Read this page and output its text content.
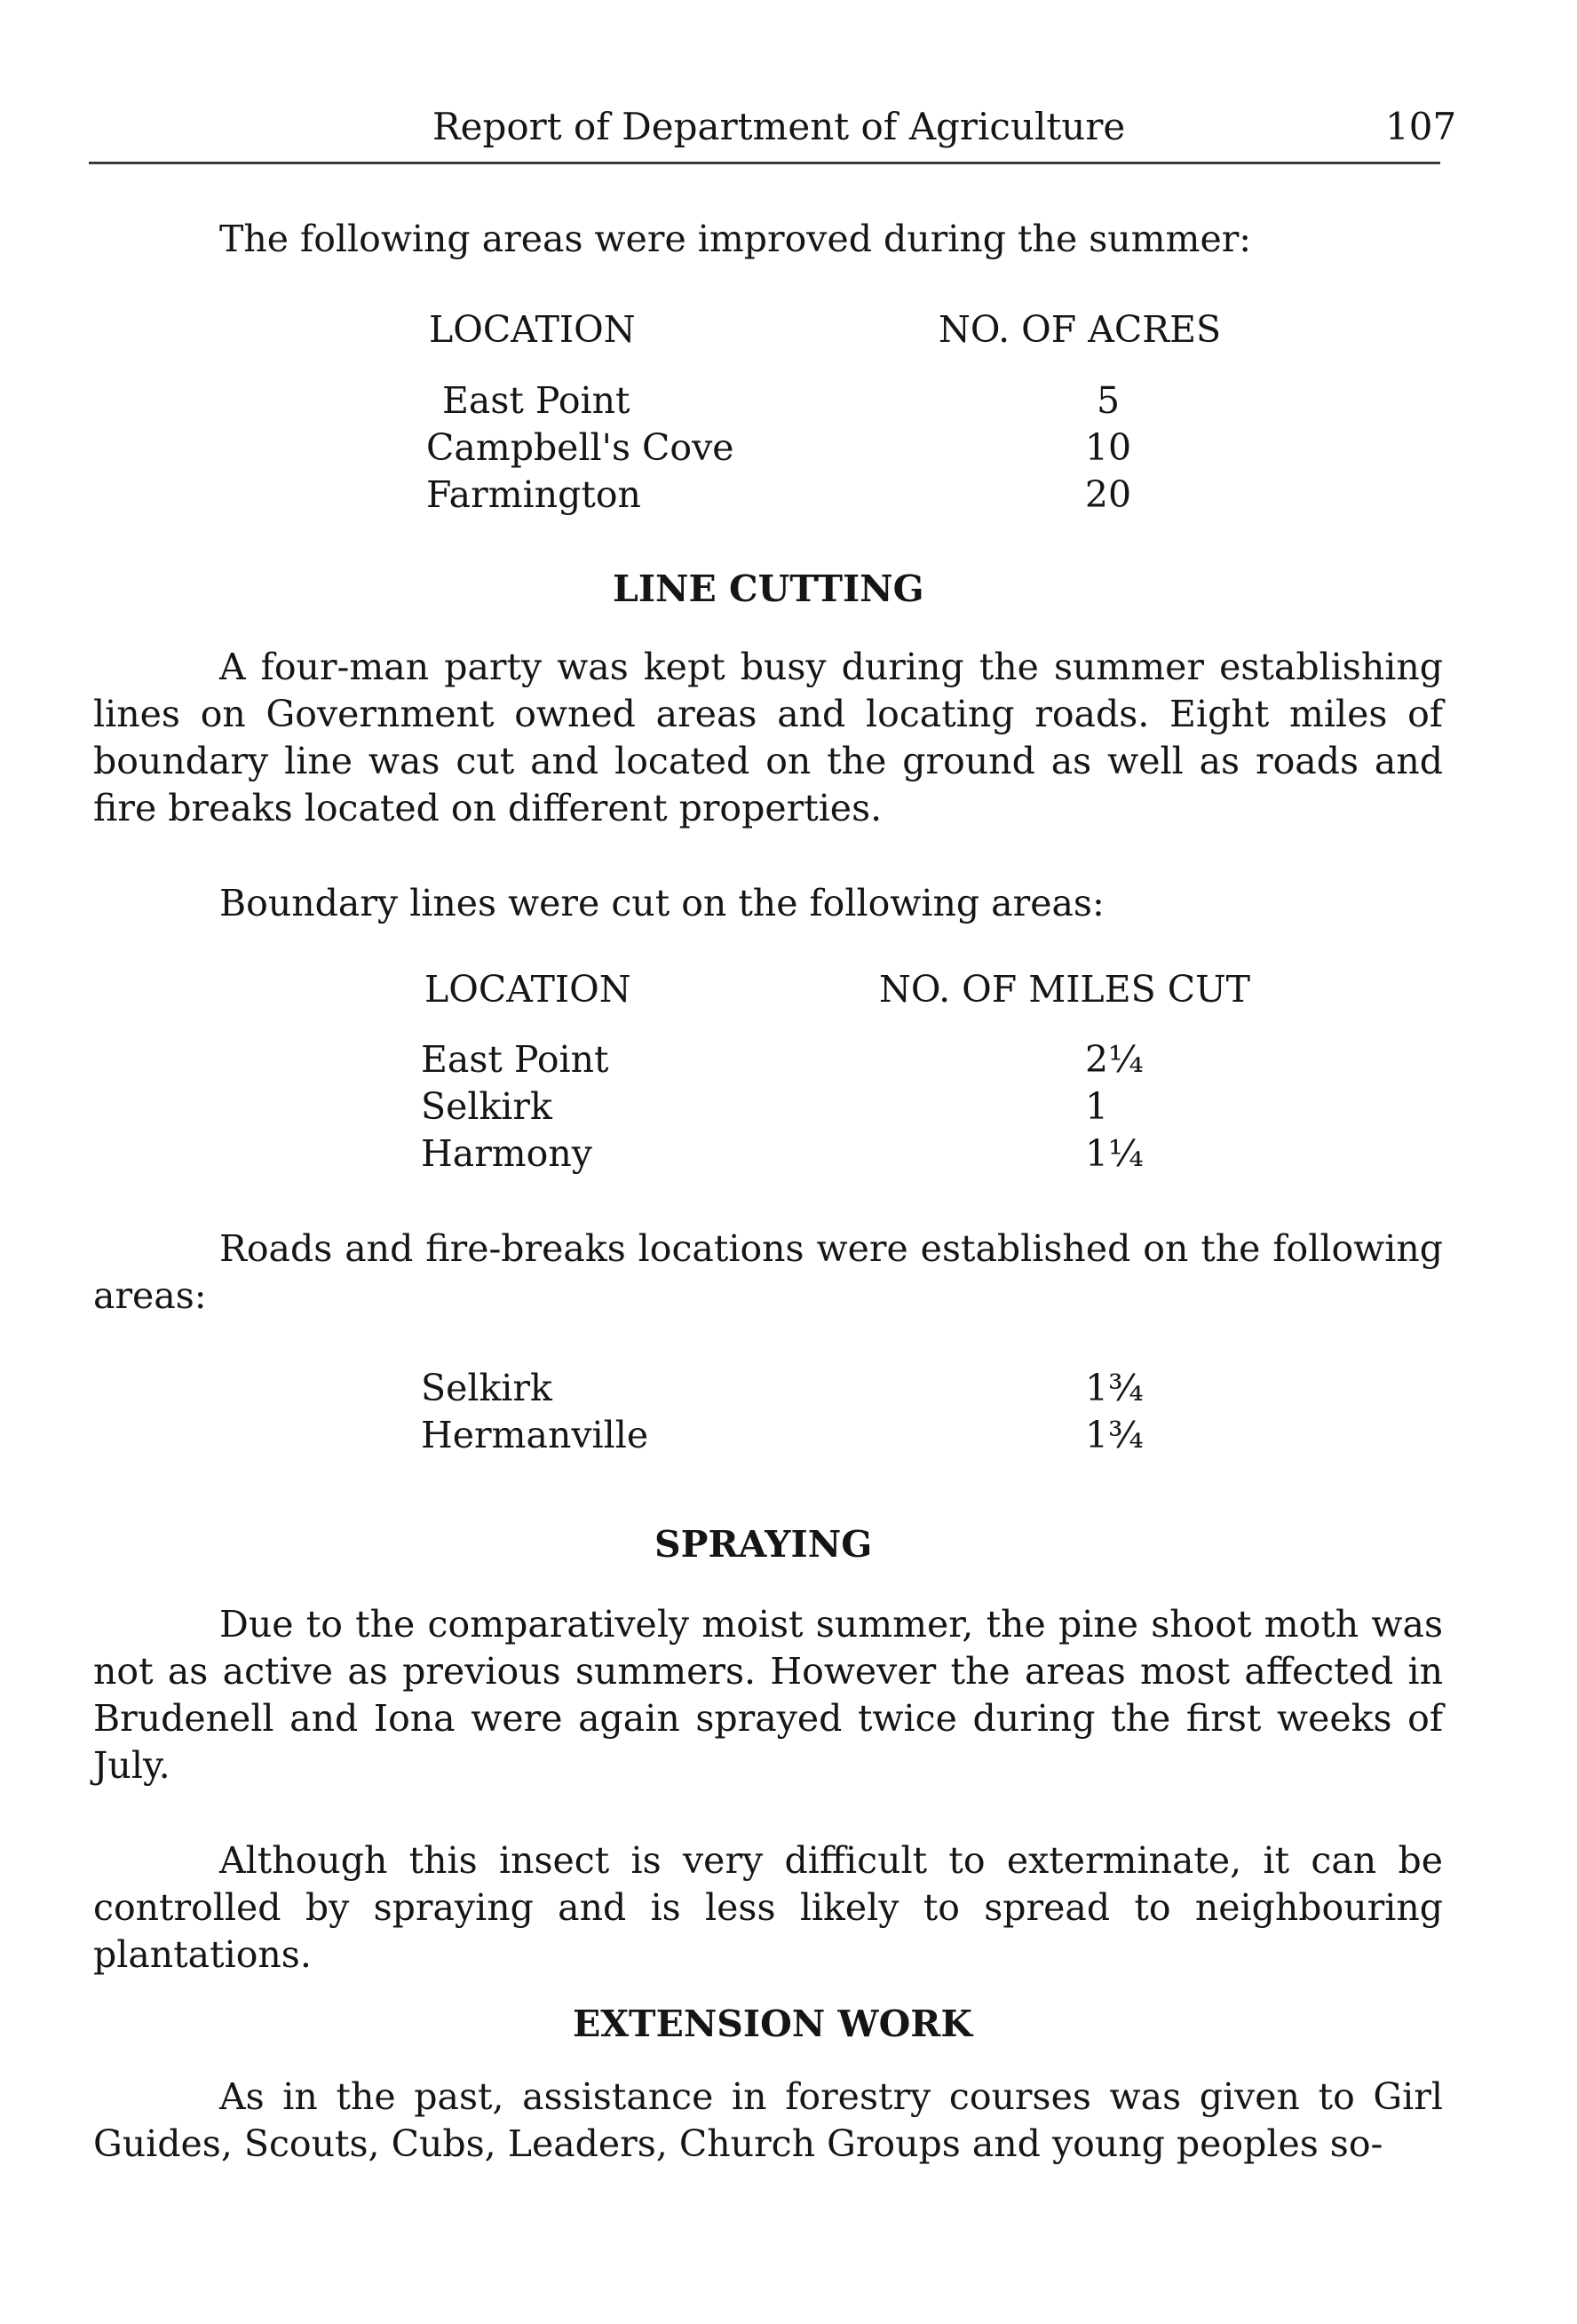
Report of Department of Agriculture	107
The following areas were improved during the summer:
LOCATION	NO. OF ACRES
East Point	5
Campbell's Cove	10
Farmington	20
LINE CUTTING
A four-man party was kept busy during the summer establishing lines on Government owned areas and locating roads. Eight miles of boundary line was cut and located on the ground as well as roads and fire breaks located on different properties.
Boundary lines were cut on the following areas:
LOCATION	NO. OF MILES CUT
East Point	2¼
Selkirk	1
Harmony	1¼
Roads and fire-breaks locations were established on the following areas:
Selkirk	1¾
Hermanville	1¾
SPRAYING
Due to the comparatively moist summer, the pine shoot moth was not as active as previous summers. However the areas most affected in Brudenell and Iona were again sprayed twice during the first weeks of July.
Although this insect is very difficult to exterminate, it can be controlled by spraying and is less likely to spread to neighbouring plantations.
EXTENSION WORK
As in the past, assistance in forestry courses was given to Girl Guides, Scouts, Cubs, Leaders, Church Groups and young peoples so-
